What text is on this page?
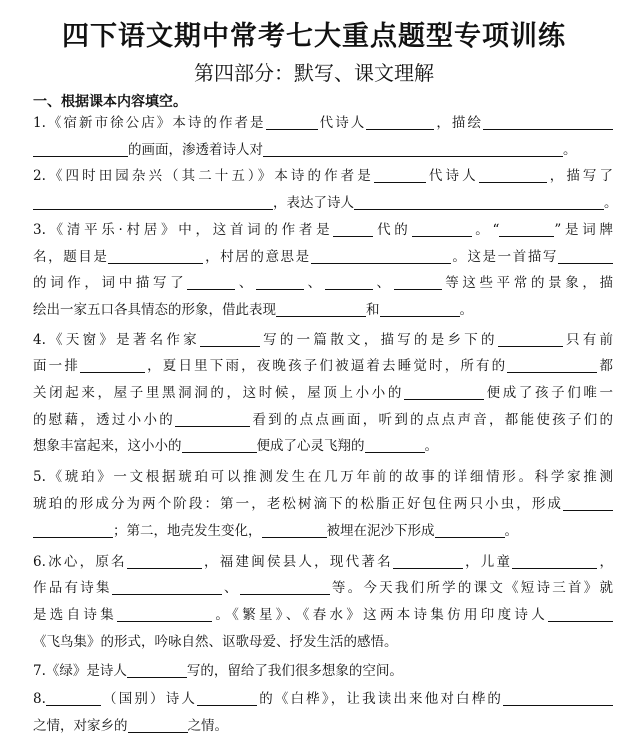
四下语文期中常考七大重点题型专项训练
第四部分：默写、课文理解
一、根据课本内容填空。
1.《宿新市徐公店》本诗的作者是	代诗人	，描绘
的画面，渗透着诗人对	。
2.《四时田园杂兴（其二十五）》本诗的作者是	代诗人	，描写了
，表达了诗人	。
3.《清平乐·村居》中，这首词的作者是	代的	。“	”是词牌
名，题目是	，村居的意思是	。这是一首描写
的词作，词中描写了	、	、	、	等这些平常的景象，描
绘出一家五口各具情态的形象，借此表现	和	。
4.《天窗》是著名作家	写的一篇散文，描写的是乡下的	只有前
面一排	，夏日里下雨，夜晚孩子们被逼着去睡觉时，所有的	都
关闭起来，屋子里黑洞洞的，这时候，屋顶上小小的	便成了孩子们唯一
的慰藉，透过小小的	看到的点点画面，听到的点点声音，都能使孩子们的
想象丰富起来，这小小的	便成了心灵飞翔的	。
5.《琥珀》一文根据琥珀可以推测发生在几万年前的故事的详细情形。科学家推测
琥珀的形成分为两个阶段：第一，老松树滴下的松脂正好包住两只小虫，形成
；第二，地壳发生变化，	被埋在泥沙下形成	。
6.冰心，原名	，福建闽侯县人，现代著名	，儿童	，
作品有诗集	、	等。今天我们所学的课文《短诗三首》就
是选自诗集	。《繁星》、《春水》这两本诗集仿用印度诗人
《飞鸟集》的形式，吟咏自然、讴歌母爱、抒发生活的感悟。
7.《绿》是诗人	写的，留给了我们很多想象的空间。
8.	（国别）诗人	的《白桦》，让我读出来他对白桦的
之情，对家乡的	之情。
